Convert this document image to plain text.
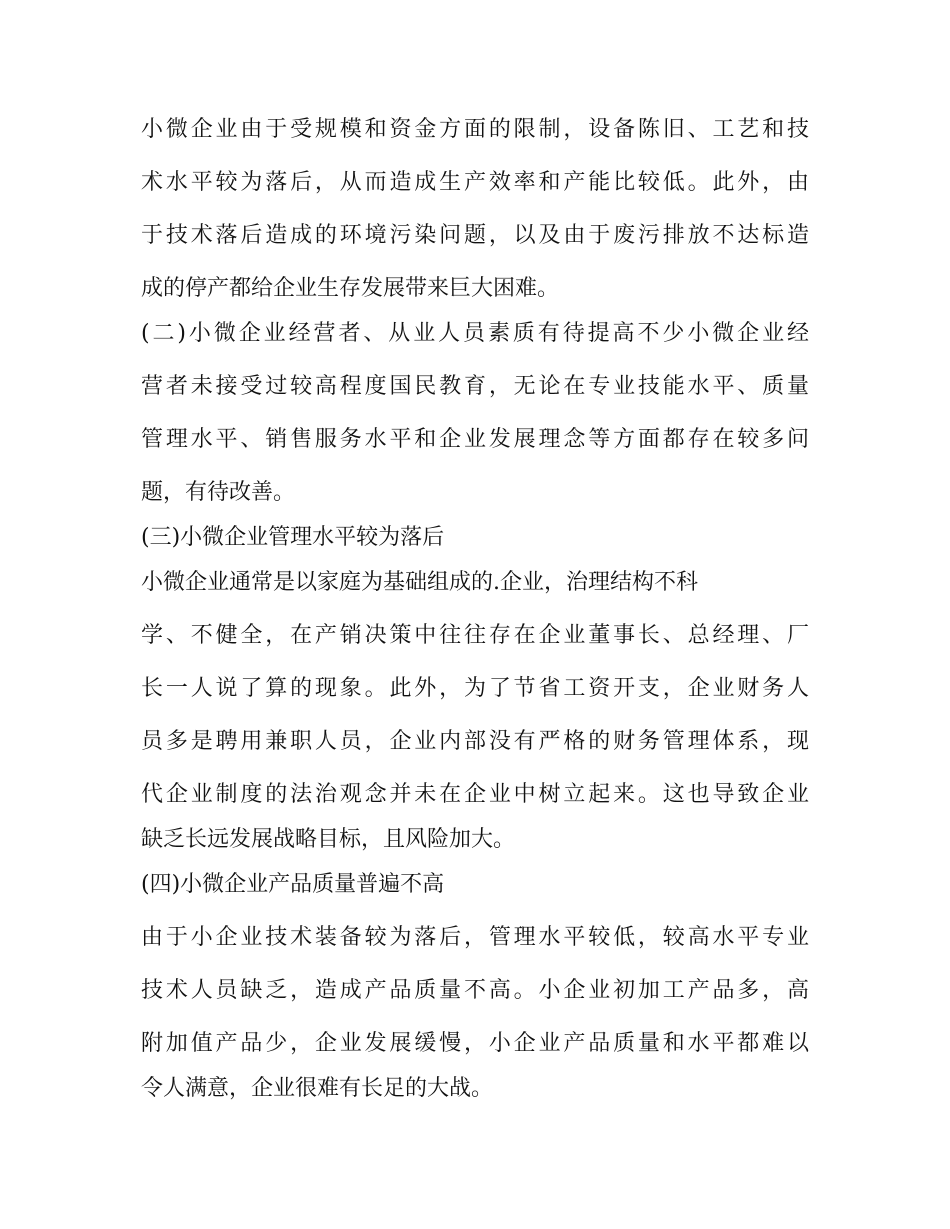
小微企业由于受规模和资金方面的限制，设备陈旧、工艺和技
术水平较为落后，从而造成生产效率和产能比较低。此外，由
于技术落后造成的环境污染问题，以及由于废污排放不达标造
成的停产都给企业生存发展带来巨大困难。
(二)小微企业经营者、从业人员素质有待提高不少小微企业经
营者未接受过较高程度国民教育，无论在专业技能水平、质量
管理水平、销售服务水平和企业发展理念等方面都存在较多问
题，有待改善。
(三)小微企业管理水平较为落后
小微企业通常是以家庭为基础组成的.企业，治理结构不科
学、不健全，在产销决策中往往存在企业董事长、总经理、厂
长一人说了算的现象。此外，为了节省工资开支，企业财务人
员多是聘用兼职人员，企业内部没有严格的财务管理体系，现
代企业制度的法治观念并未在企业中树立起来。这也导致企业
缺乏长远发展战略目标，且风险加大。
(四)小微企业产品质量普遍不高
由于小企业技术装备较为落后，管理水平较低，较高水平专业
技术人员缺乏，造成产品质量不高。小企业初加工产品多，高
附加值产品少，企业发展缓慢，小企业产品质量和水平都难以
令人满意，企业很难有长足的大战。
